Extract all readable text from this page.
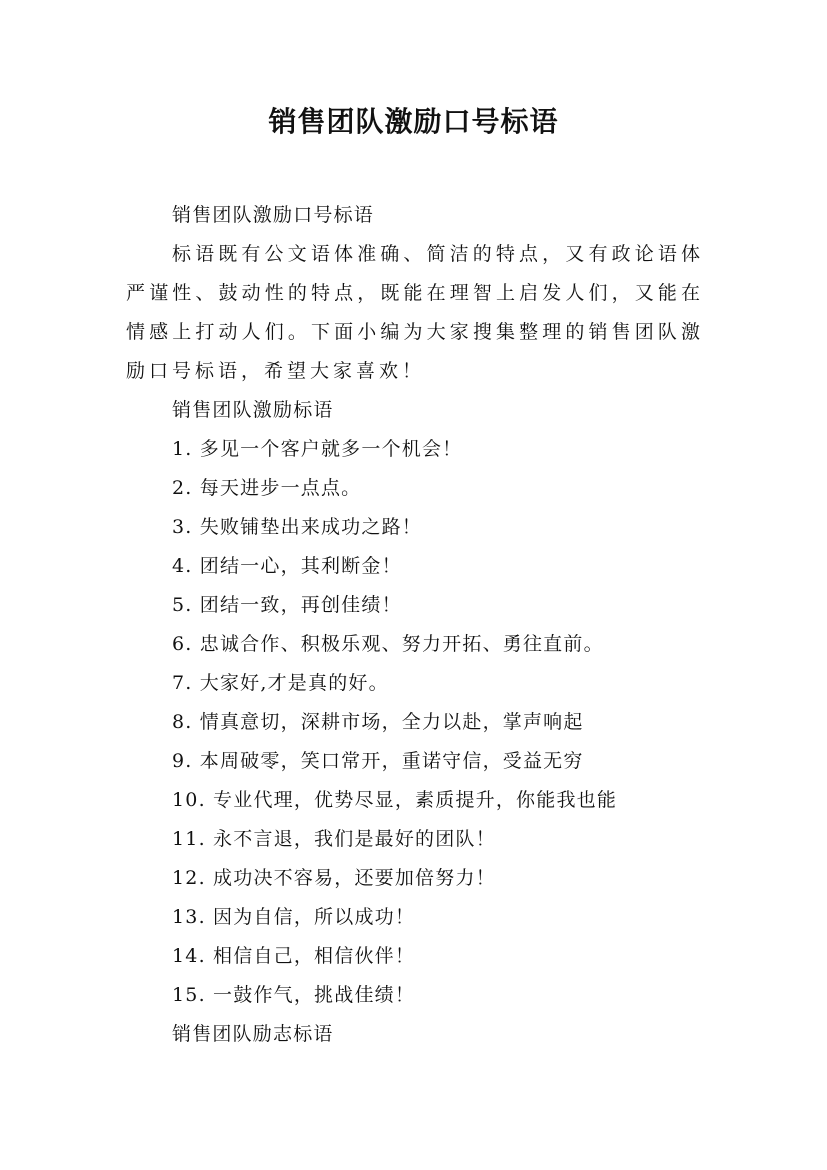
销售团队激励口号标语
销售团队激励口号标语
标语既有公文语体准确、简洁的特点，又有政论语体严谨性、鼓动性的特点，既能在理智上启发人们，又能在情感上打动人们。下面小编为大家搜集整理的销售团队激励口号标语，希望大家喜欢！
销售团队激励标语
1. 多见一个客户就多一个机会！
2. 每天进步一点点。
3. 失败铺垫出来成功之路！
4. 团结一心，其利断金！
5. 团结一致，再创佳绩！
6. 忠诚合作、积极乐观、努力开拓、勇往直前。
7. 大家好,才是真的好。
8. 情真意切，深耕市场，全力以赴，掌声响起
9. 本周破零，笑口常开，重诺守信，受益无穷
10. 专业代理，优势尽显，素质提升，你能我也能
11. 永不言退，我们是最好的团队！
12. 成功决不容易，还要加倍努力！
13. 因为自信，所以成功！
14. 相信自己，相信伙伴！
15. 一鼓作气，挑战佳绩！
销售团队励志标语
